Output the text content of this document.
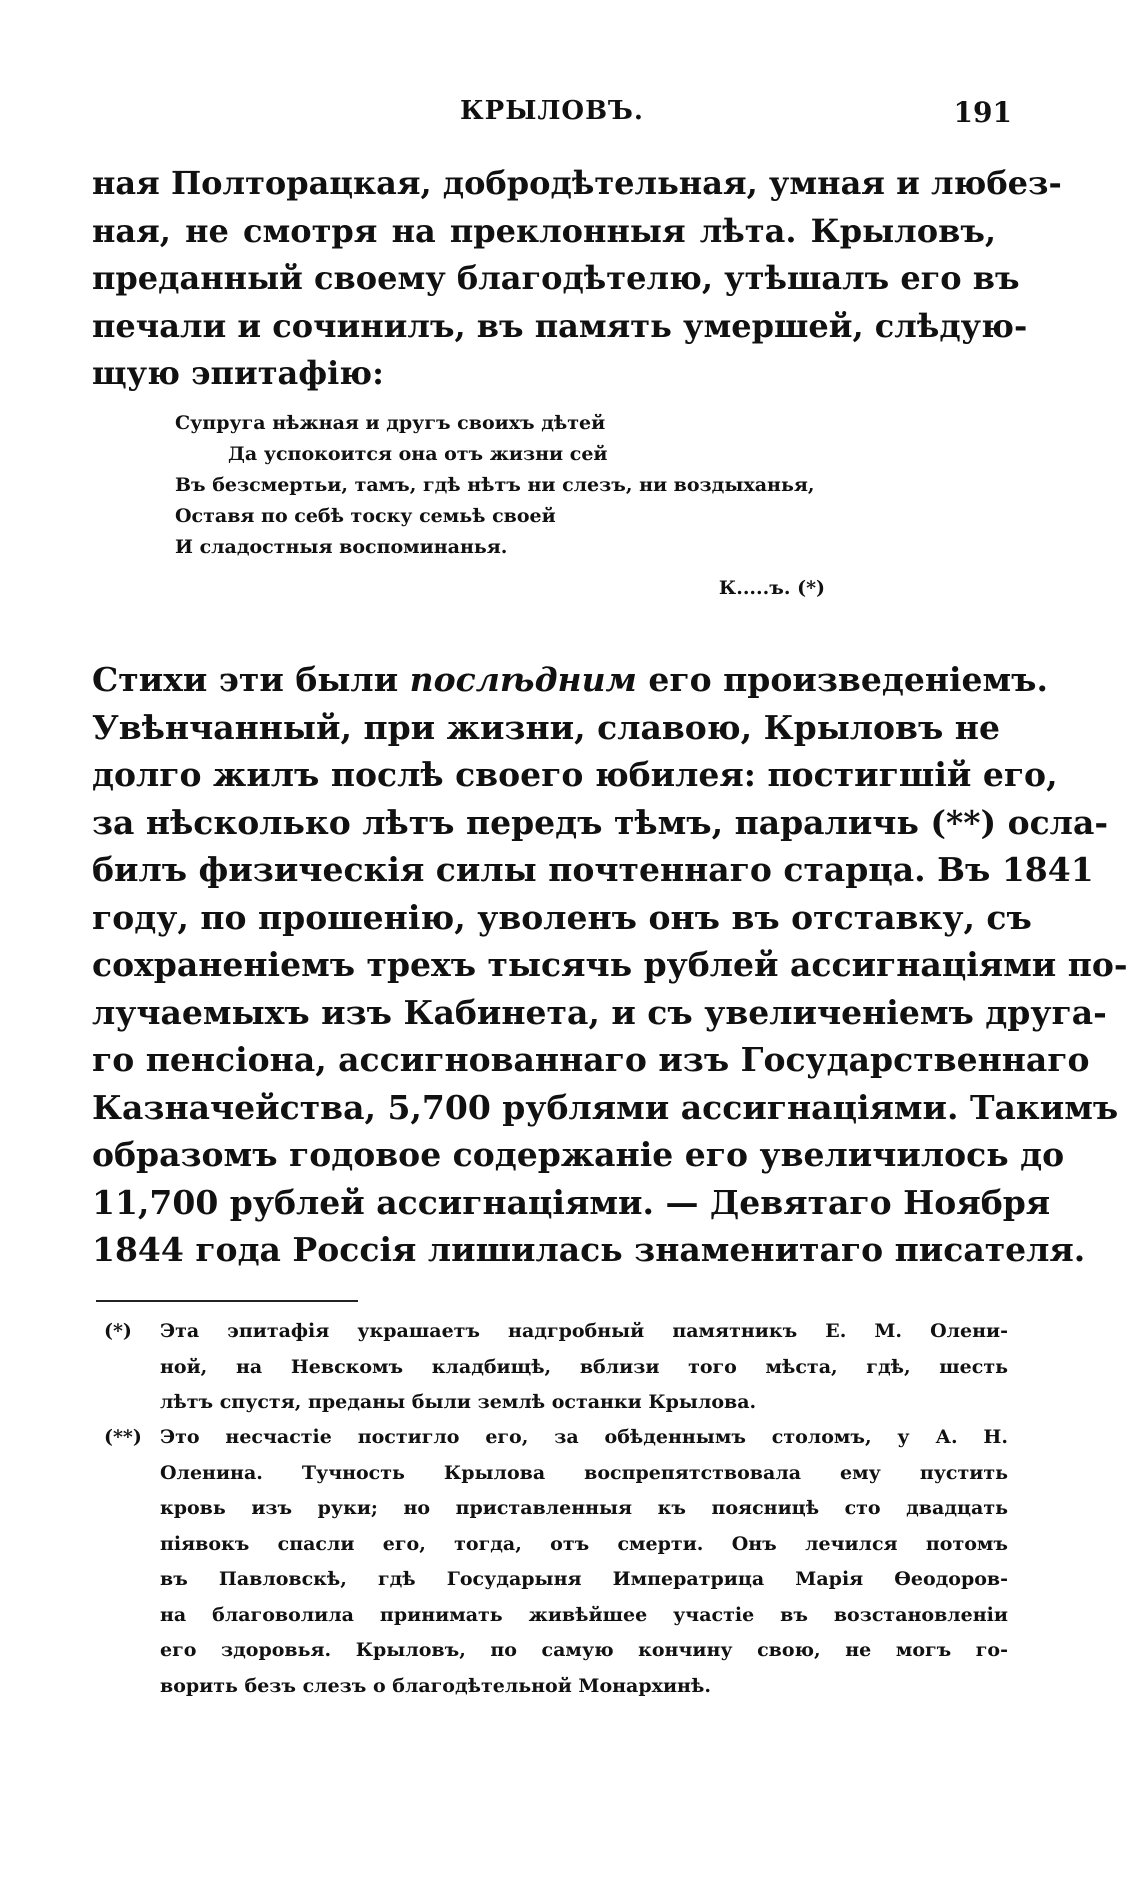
КРЫЛОВЪ.	191
ная Полторацкая, добродѣтельная, умная и любез-
ная, не смотря на преклонныя лѣта. Крыловъ,
преданный своему благодѣтелю, утѣшалъ его въ
печали и сочинилъ, въ память умершей, слѣдую-
щую эпитафію:
Супруга нѣжная и другъ своихъ дѣтей
Да успокоится она отъ жизни сей
Въ безсмертьи, тамъ, гдѣ нѣтъ ни слезъ, ни воздыханья,
Оставя по себѣ тоску семьѣ своей
И сладостныя воспоминанья.
К.....ъ. (*)
Стихи эти были послѣдним его произведеніемъ.
Увѣнчанный, при жизни, славою, Крыловъ не
долго жилъ послѣ своего юбилея: постигшій его,
за нѣсколько лѣтъ передъ тѣмъ, параличь (**) осла-
билъ физическія силы почтеннаго старца. Въ 1841
году, по прошенію, уволенъ онъ въ отставку, съ
сохраненіемъ трехъ тысячь рублей ассигнаціями по-
лучаемыхъ изъ Кабинета, и съ увеличеніемъ друга-
го пенсіона, ассигнованнаго изъ Государственнаго
Казначейства, 5,700 рублями ассигнаціями. Такимъ
образомъ годовое содержаніе его увеличилось до
11,700 рублей ассигнаціями. — Девятаго Ноября
1844 года Россія лишилась знаменитаго писателя.
(*)	Эта эпитафія украшаетъ надгробный памятникъ Е. М. Олени-
ной, на Невскомъ кладбищѣ, вблизи того мѣста, гдѣ, шесть
лѣтъ спустя, преданы были землѣ останки Крылова.
(**) Это несчастіе постигло его, за обѣденнымъ столомъ, у А. Н.
Оленина. Тучность Крылова воспрепятствовала ему пустить
кровь изъ руки; но приставленныя къ поясницѣ сто двадцать
піявокъ спасли его, тогда, отъ смерти. Онъ лечился потомъ
въ Павловскѣ, гдѣ Государыня Императрица Марія Ѳеодоров-
на благоволила принимать живѣйшее участіе въ возстановленіи
его здоровья. Крыловъ, по самую кончину свою, не могъ го-
ворить безъ слезъ о благодѣтельной Монархинѣ.
